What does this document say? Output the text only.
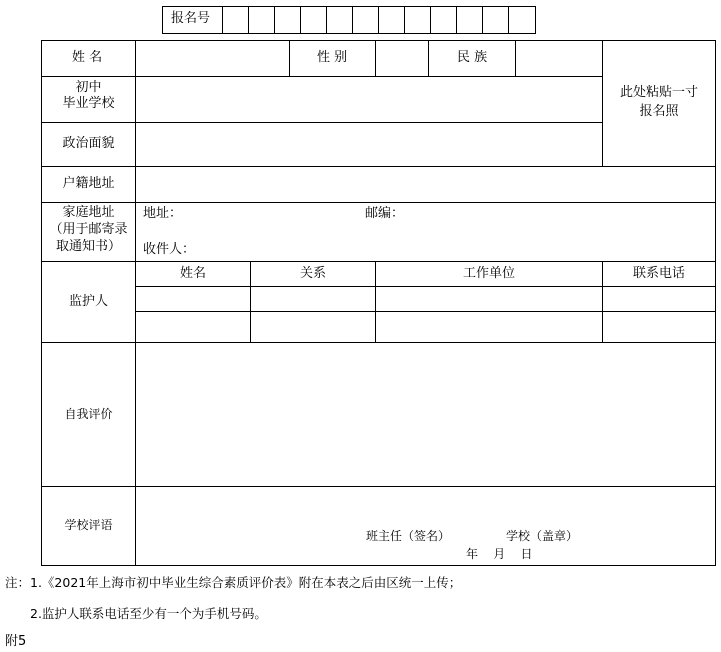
报名号
姓 名	性 别	民 族
此处粘贴一寸
报名照
初中
毕业学校
政治面貌
户籍地址
家庭地址
（用于邮寄录
取通知书）
地址：	邮编：
收件人：
监护人
姓名	关系	工作单位	联系电话
自我评价
学校评语
班主任（签名）	学校（盖章）
年    月    日
注：1.《2021年上海市初中毕业生综合素质评价表》附在本表之后由区统一上传；
2.监护人联系电话至少有一个为手机号码。
附5
